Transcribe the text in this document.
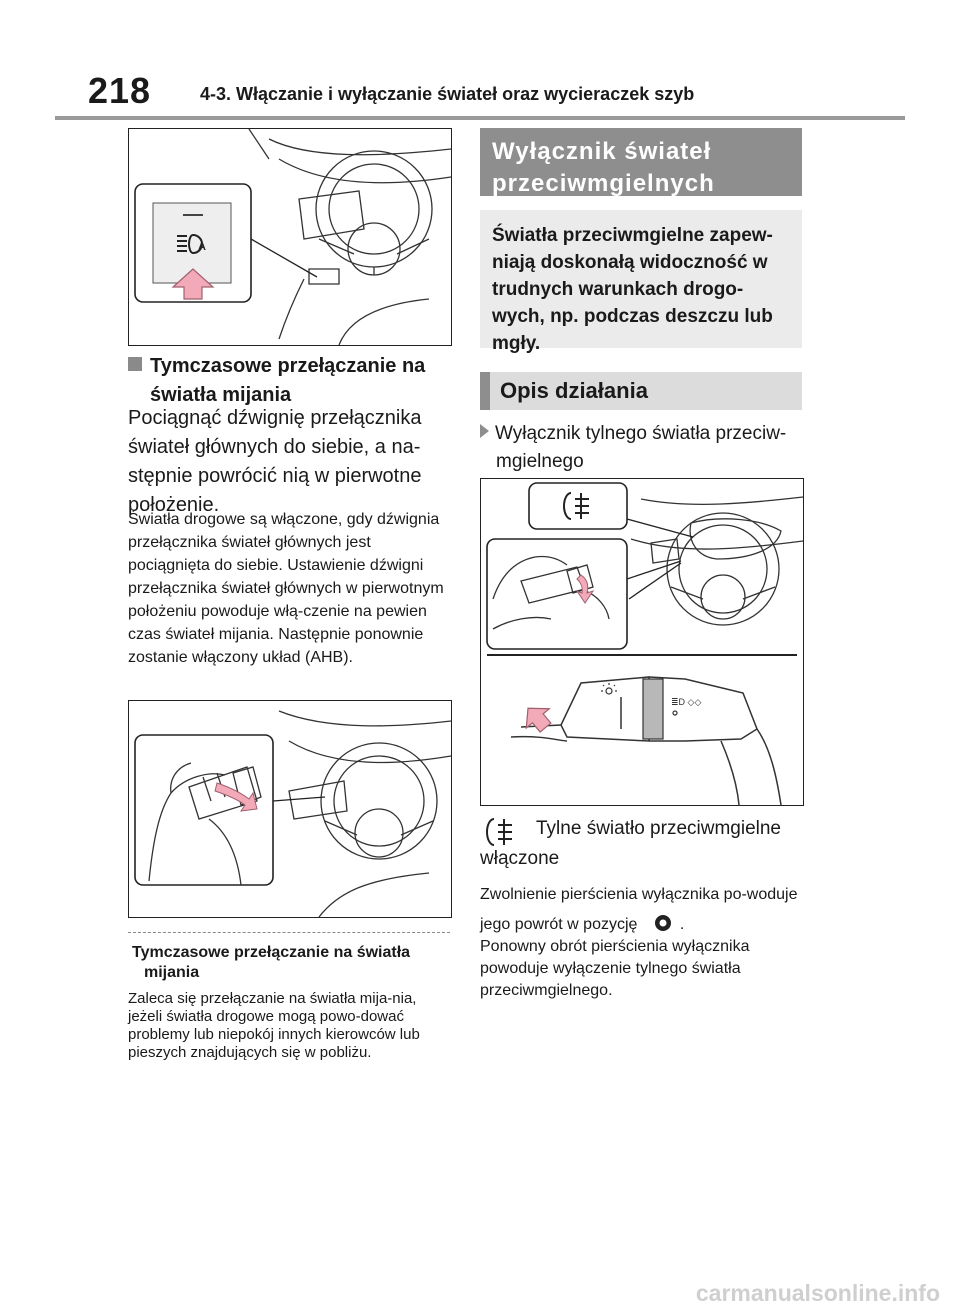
218	4-3. Włączanie i wyłączanie świateł oraz wycieraczek szyb
A
Tymczasowe przełączanie na światła mijania
Pociągnąć dźwignię przełącznika świateł głównych do siebie, a na-stępnie powrócić nią w pierwotne położenie.
Światła drogowe są włączone, gdy dźwignia przełącznika świateł głównych jest pociągnięta do siebie. Ustawienie dźwigni przełącznika świateł głównych w pierwotnym położeniu powoduje włą-czenie na pewien czas świateł mijania. Następnie ponownie zostanie włączony układ (AHB).
Tymczasowe przełączanie na światła mijania
Zaleca się przełączanie na światła mija-nia, jeżeli światła drogowe mogą powo-dować problemy lub niepokój innych kierowców lub pieszych znajdujących się w pobliżu.
Wyłącznik świateł przeciwmgielnych
Światła przeciwmgielne zapew-niają doskonałą widoczność w trudnych warunkach drogo-wych, np. podczas deszczu lub mgły.
Opis działania
Wyłącznik tylnego światła przeciw-mgielnego
≣D ◇◇
Tylne światło przeciwmgielne włączone
Zwolnienie pierścienia wyłącznika po-woduje jego powrót w pozycję	.
Ponowny obrót pierścienia wyłącznika powoduje wyłączenie tylnego światła przeciwmgielnego.
carmanualsonline.info
